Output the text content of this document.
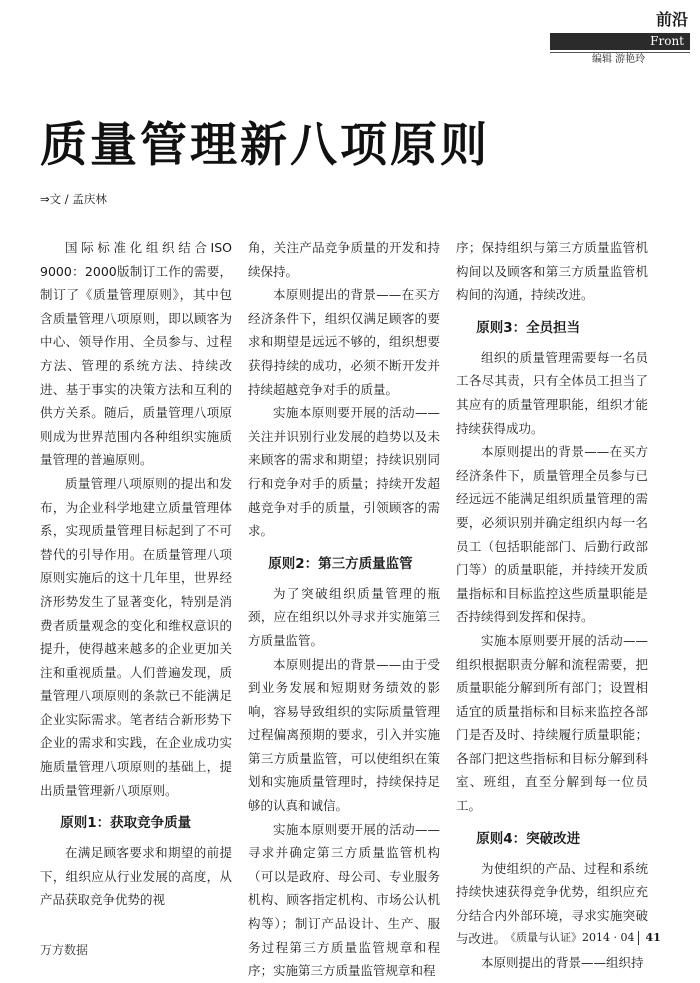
前沿
Front
编辑 游艳玲
质量管理新八项原则
⇒文 / 孟庆林

国际标准化组织结合ISO 9000：2000版制订工作的需要，制订了《质量管理原则》，其中包含质量管理八项原则，即以顾客为中心、领导作用、全员参与、过程方法、管理的系统方法、持续改进、基于事实的决策方法和互利的供方关系。随后，质量管理八项原则成为世界范围内各种组织实施质量管理的普遍原则。

质量管理八项原则的提出和发布，为企业科学地建立质量管理体系，实现质量管理目标起到了不可替代的引导作用。在质量管理八项原则实施后的这十几年里，世界经济形势发生了显著变化，特别是消费者质量观念的变化和维权意识的提升，使得越来越多的企业更加关注和重视质量。人们普遍发现，质量管理八项原则的条款已不能满足企业实际需求。笔者结合新形势下企业的需求和实践，在企业成功实施质量管理八项原则的基础上，提出质量管理新八项原则。

原则1：获取竞争质量

在满足顾客要求和期望的前提下，组织应从行业发展的高度，从产品获取竞争优势的视

角，关注产品竞争质量的开发和持续保持。

本原则提出的背景——在买方经济条件下，组织仅满足顾客的要求和期望是远远不够的，组织想要获得持续的成功，必须不断开发并持续超越竞争对手的质量。

实施本原则要开展的活动——关注并识别行业发展的趋势以及未来顾客的需求和期望；持续识别同行和竞争对手的质量；持续开发超越竞争对手的质量，引领顾客的需求。

原则2：第三方质量监管

为了突破组织质量管理的瓶颈，应在组织以外寻求并实施第三方质量监管。

本原则提出的背景——由于受到业务发展和短期财务绩效的影响，容易导致组织的实际质量管理过程偏离预期的要求，引入并实施第三方质量监管，可以使组织在策划和实施质量管理时，持续保持足够的认真和诚信。

实施本原则要开展的活动——寻求并确定第三方质量监管机构（可以是政府、母公司、专业服务机构、顾客指定机构、市场公认机构等）；制订产品设计、生产、服务过程第三方质量监管规章和程序；实施第三方质量监管规章和程

序；保持组织与第三方质量监管机构间以及顾客和第三方质量监管机构间的沟通，持续改进。

原则3：全员担当

组织的质量管理需要每一名员工各尽其责，只有全体员工担当了其应有的质量管理职能，组织才能持续获得成功。

本原则提出的背景——在买方经济条件下，质量管理全员参与已经远远不能满足组织质量管理的需要，必须识别并确定组织内每一名员工（包括职能部门、后勤行政部门等）的质量职能，并持续开发质量指标和目标监控这些质量职能是否持续得到发挥和保持。

实施本原则要开展的活动——组织根据职责分解和流程需要，把质量职能分解到所有部门；设置相适宜的质量指标和目标来监控各部门是否及时、持续履行质量职能；各部门把这些指标和目标分解到科室、班组，直至分解到每一位员工。

原则4：突破改进

为使组织的产品、过程和系统持续快速获得竞争优势，组织应充分结合内外部环境，寻求实施突破与改进。

本原则提出的背景——组织持

《质量与认证》2014 · 04 41
万方数据
